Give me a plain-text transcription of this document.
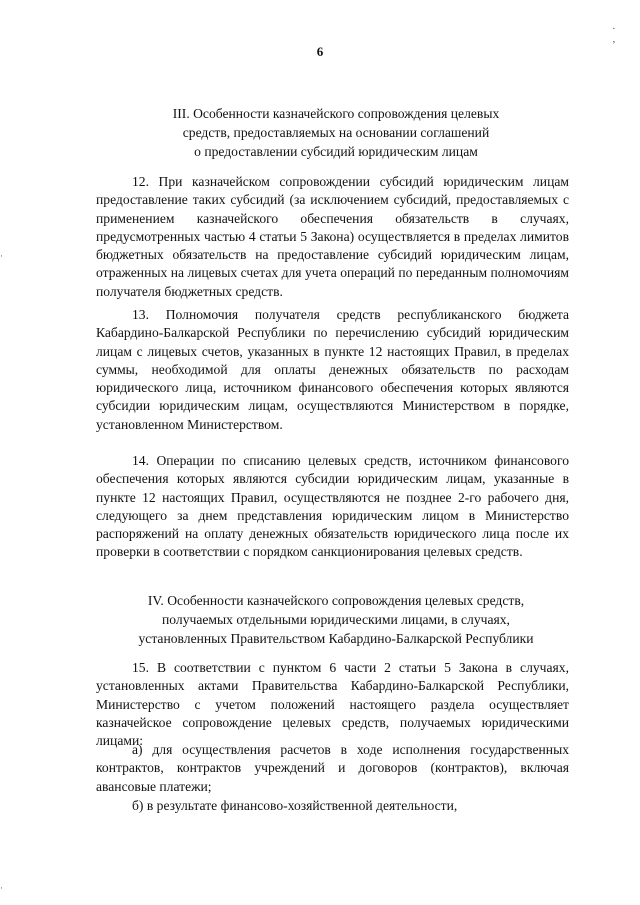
6
III. Особенности казначейского сопровождения целевых
средств, предоставляемых на основании соглашений
о предоставлении субсидий юридическим лицам

12. При казначейском сопровождении субсидий юридическим лицам предоставление таких субсидий (за исключением субсидий, предоставляемых с применением казначейского обеспечения обязательств в случаях, предусмотренных частью 4 статьи 5 Закона) осуществляется в пределах лимитов бюджетных обязательств на предоставление субсидий юридическим лицам, отраженных на лицевых счетах для учета операций по переданным полномочиям получателя бюджетных средств.

13. Полномочия получателя средств республиканского бюджета Кабардино-Балкарской Республики по перечислению субсидий юридическим лицам с лицевых счетов, указанных в пункте 12 настоящих Правил, в пределах суммы, необходимой для оплаты денежных обязательств по расходам юридического лица, источником финансового обеспечения которых являются субсидии юридическим лицам, осуществляются Министерством в порядке, установленном Министерством.

14. Операции по списанию целевых средств, источником финансового обеспечения которых являются субсидии юридическим лицам, указанные в пункте 12 настоящих Правил, осуществляются не позднее 2-го рабочего дня, следующего за днем представления юридическим лицом в Министерство распоряжений на оплату денежных обязательств юридического лица после их проверки в соответствии с порядком санкционирования целевых средств.

IV. Особенности казначейского сопровождения целевых средств,
получаемых отдельными юридическими лицами, в случаях,
установленных Правительством Кабардино-Балкарской Республики

15. В соответствии с пунктом 6 части 2 статьи 5 Закона в случаях, установленных актами Правительства Кабардино-Балкарской Республики, Министерство с учетом положений настоящего раздела осуществляет казначейское сопровождение целевых средств, получаемых юридическими лицами:

а) для осуществления расчетов в ходе исполнения государственных контрактов, контрактов учреждений и договоров (контрактов), включая авансовые платежи;

б) в результате финансово-хозяйственной деятельности,

·
’
·
·
